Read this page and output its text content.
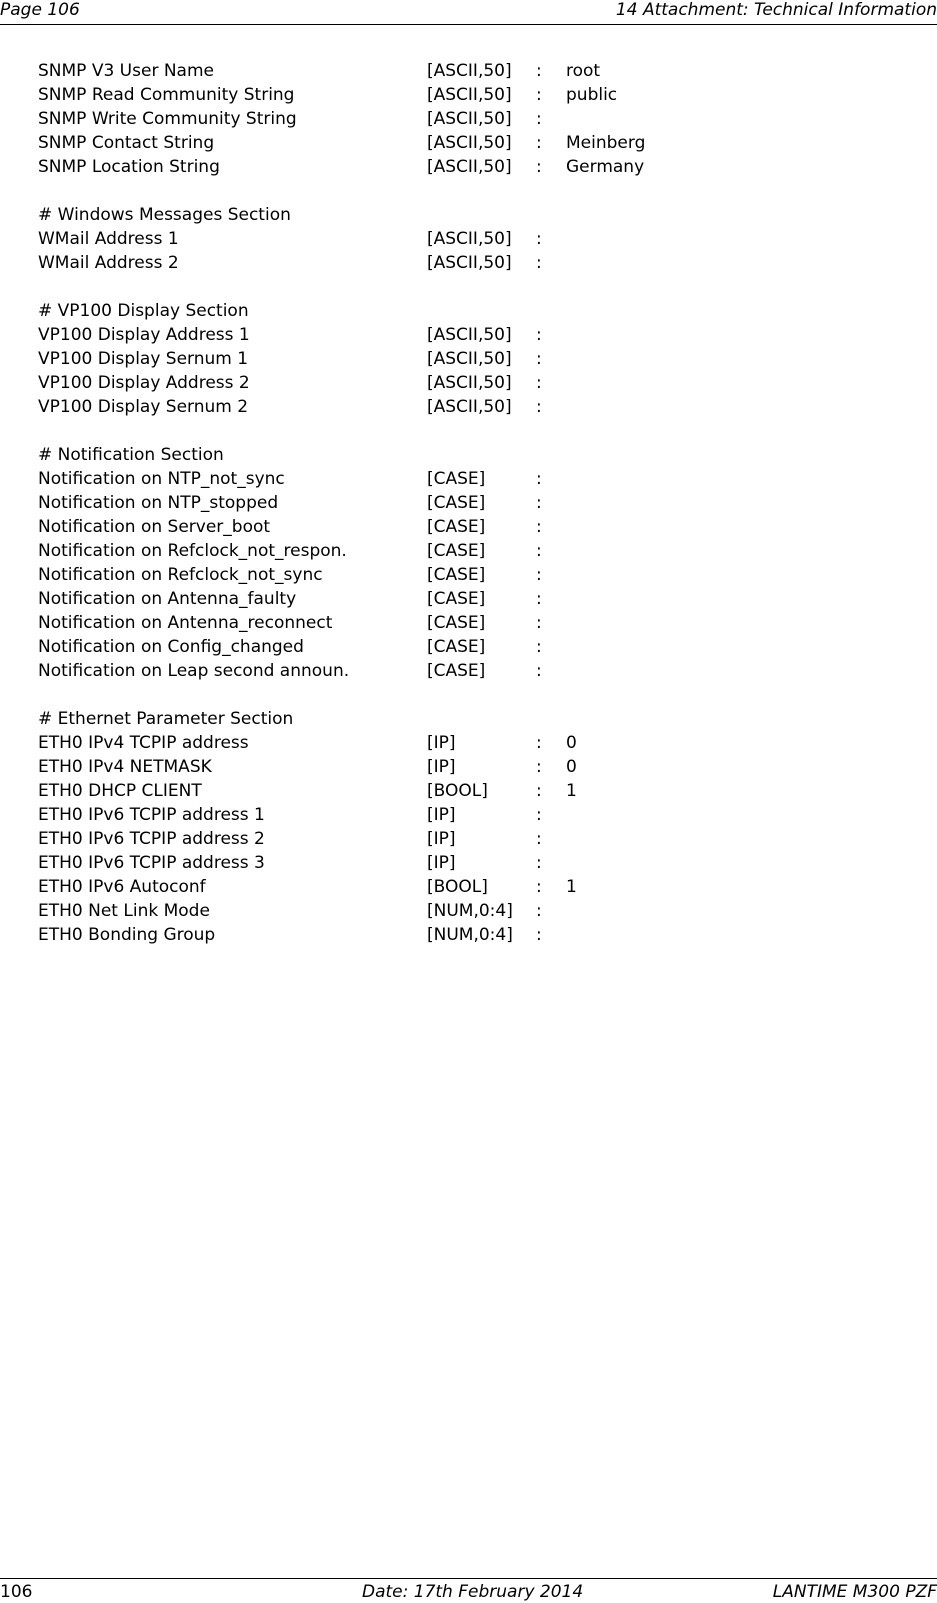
Page 106	14 Attachment: Technical Information
SNMP V3 User Name	[ASCII,50] : root
SNMP Read Community String	[ASCII,50] : public
SNMP Write Community String	[ASCII,50] :
SNMP Contact String	[ASCII,50] : Meinberg
SNMP Location String	[ASCII,50] : Germany
# Windows Messages Section
WMail Address 1	[ASCII,50] :
WMail Address 2	[ASCII,50] :
# VP100 Display Section
VP100 Display Address 1	[ASCII,50] :
VP100 Display Sernum 1	[ASCII,50] :
VP100 Display Address 2	[ASCII,50] :
VP100 Display Sernum 2	[ASCII,50] :
# Notification Section
Notification on NTP_not_sync	[CASE]	:
Notification on NTP_stopped	[CASE]	:
Notification on Server_boot	[CASE]	:
Notification on Refclock_not_respon.	[CASE]	:
Notification on Refclock_not_sync	[CASE]	:
Notification on Antenna_faulty	[CASE]	:
Notification on Antenna_reconnect	[CASE]	:
Notification on Config_changed	[CASE]	:
Notification on Leap second announ.	[CASE]	:
# Ethernet Parameter Section
ETH0 IPv4 TCPIP address	[IP]	: 0
ETH0 IPv4 NETMASK	[IP]	: 0
ETH0 DHCP CLIENT	[BOOL]	: 1
ETH0 IPv6 TCPIP address 1	[IP]	:
ETH0 IPv6 TCPIP address 2	[IP]	:
ETH0 IPv6 TCPIP address 3	[IP]	:
ETH0 IPv6 Autoconf	[BOOL]	: 1
ETH0 Net Link Mode	[NUM,0:4] :
ETH0 Bonding Group	[NUM,0:4] :
106	Date: 17th February 2014	LANTIME M300 PZF
